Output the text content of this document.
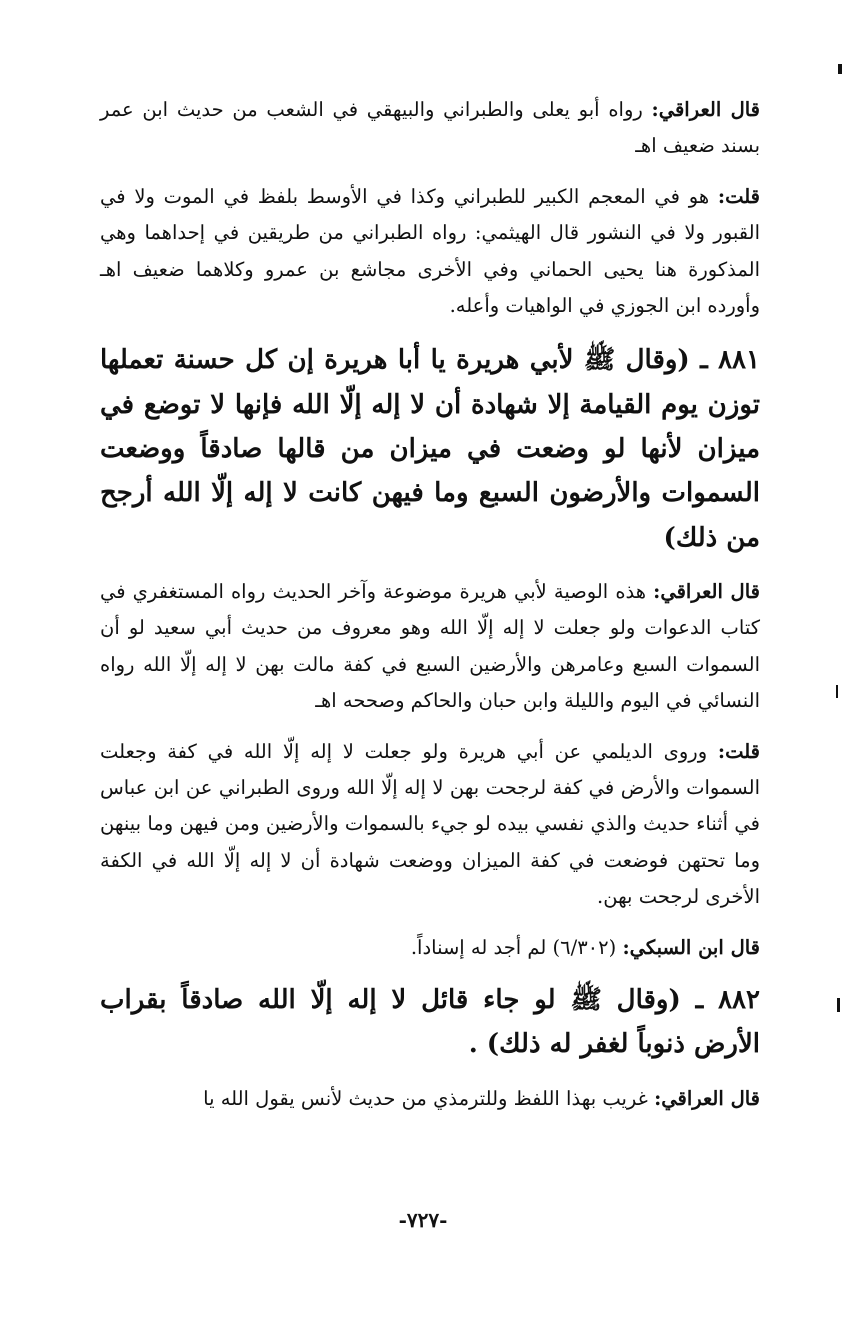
قال العراقي: رواه أبو يعلى والطبراني والبيهقي في الشعب من حديث ابن عمر بسند ضعيف اهـ

قلت: هو في المعجم الكبير للطبراني وكذا في الأوسط بلفظ في الموت ولا في القبور ولا في النشور قال الهيثمي: رواه الطبراني من طريقين في إحداهما وهي المذكورة هنا يحيى الحماني وفي الأخرى مجاشع بن عمرو وكلاهما ضعيف اهـ وأورده ابن الجوزي في الواهيات وأعله.

٨٨١ ـ (وقال ﷺ لأبي هريرة يا أبا هريرة إن كل حسنة تعملها توزن يوم القيامة إلا شهادة أن لا إله إلّا الله فإنها لا توضع في ميزان لأنها لو وضعت في ميزان من قالها صادقاً ووضعت السموات والأرضون السبع وما فيهن كانت لا إله إلّا الله أرجح من ذلك)

قال العراقي: هذه الوصية لأبي هريرة موضوعة وآخر الحديث رواه المستغفري في كتاب الدعوات ولو جعلت لا إله إلّا الله وهو معروف من حديث أبي سعيد لو أن السموات السبع وعامرهن والأرضين السبع في كفة مالت بهن لا إله إلّا الله رواه النسائي في اليوم والليلة وابن حبان والحاكم وصححه اهـ

قلت: وروى الديلمي عن أبي هريرة ولو جعلت لا إله إلّا الله في كفة وجعلت السموات والأرض في كفة لرجحت بهن لا إله إلّا الله وروى الطبراني عن ابن عباس في أثناء حديث والذي نفسي بيده لو جيء بالسموات والأرضين ومن فيهن وما بينهن وما تحتهن فوضعت في كفة الميزان ووضعت شهادة أن لا إله إلّا الله في الكفة الأخرى لرجحت بهن.

قال ابن السبكي: (٦/٣٠٢) لم أجد له إسناداً.

٨٨٢ ـ (وقال ﷺ لو جاء قائل لا إله إلّا الله صادقاً بقراب الأرض ذنوباً لغفر له ذلك) .

قال العراقي: غريب بهذا اللفظ وللترمذي من حديث لأنس يقول الله يا

-٧٢٧-
